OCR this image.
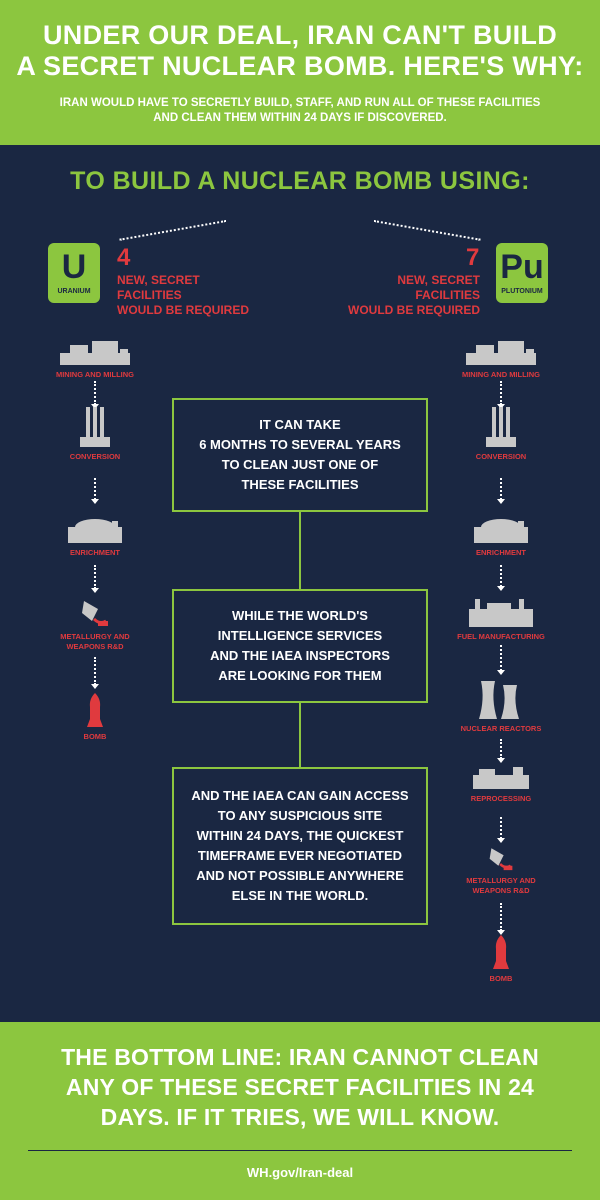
UNDER OUR DEAL, IRAN CAN'T BUILD
A SECRET NUCLEAR BOMB. HERE'S WHY:
IRAN WOULD HAVE TO SECRETLY BUILD, STAFF, AND RUN ALL OF THESE FACILITIES
AND CLEAN THEM WITHIN 24 DAYS IF DISCOVERED.
TO BUILD A NUCLEAR BOMB USING:
U
URANIUM
4
NEW, SECRET FACILITIES
WOULD BE REQUIRED
Pu
PLUTONIUM
7
NEW, SECRET FACILITIES
WOULD BE REQUIRED
MINING AND MILLING
CONVERSION
ENRICHMENT
METALLURGY AND
WEAPONS R&D
BOMB
MINING AND MILLING
CONVERSION
ENRICHMENT
FUEL MANUFACTURING
NUCLEAR REACTORS
REPROCESSING
METALLURGY AND
WEAPONS R&D
BOMB
IT CAN TAKE
6 MONTHS TO SEVERAL YEARS
TO CLEAN JUST ONE OF
THESE FACILITIES
WHILE THE WORLD'S
INTELLIGENCE SERVICES
AND THE IAEA INSPECTORS
ARE LOOKING FOR THEM
AND THE IAEA CAN GAIN ACCESS
TO ANY SUSPICIOUS SITE
WITHIN 24 DAYS, THE QUICKEST
TIMEFRAME EVER NEGOTIATED
AND NOT POSSIBLE ANYWHERE
ELSE IN THE WORLD.
THE BOTTOM LINE: IRAN CANNOT CLEAN
ANY OF THESE SECRET FACILITIES IN 24
DAYS. IF IT TRIES, WE WILL KNOW.
WH.gov/Iran-deal
